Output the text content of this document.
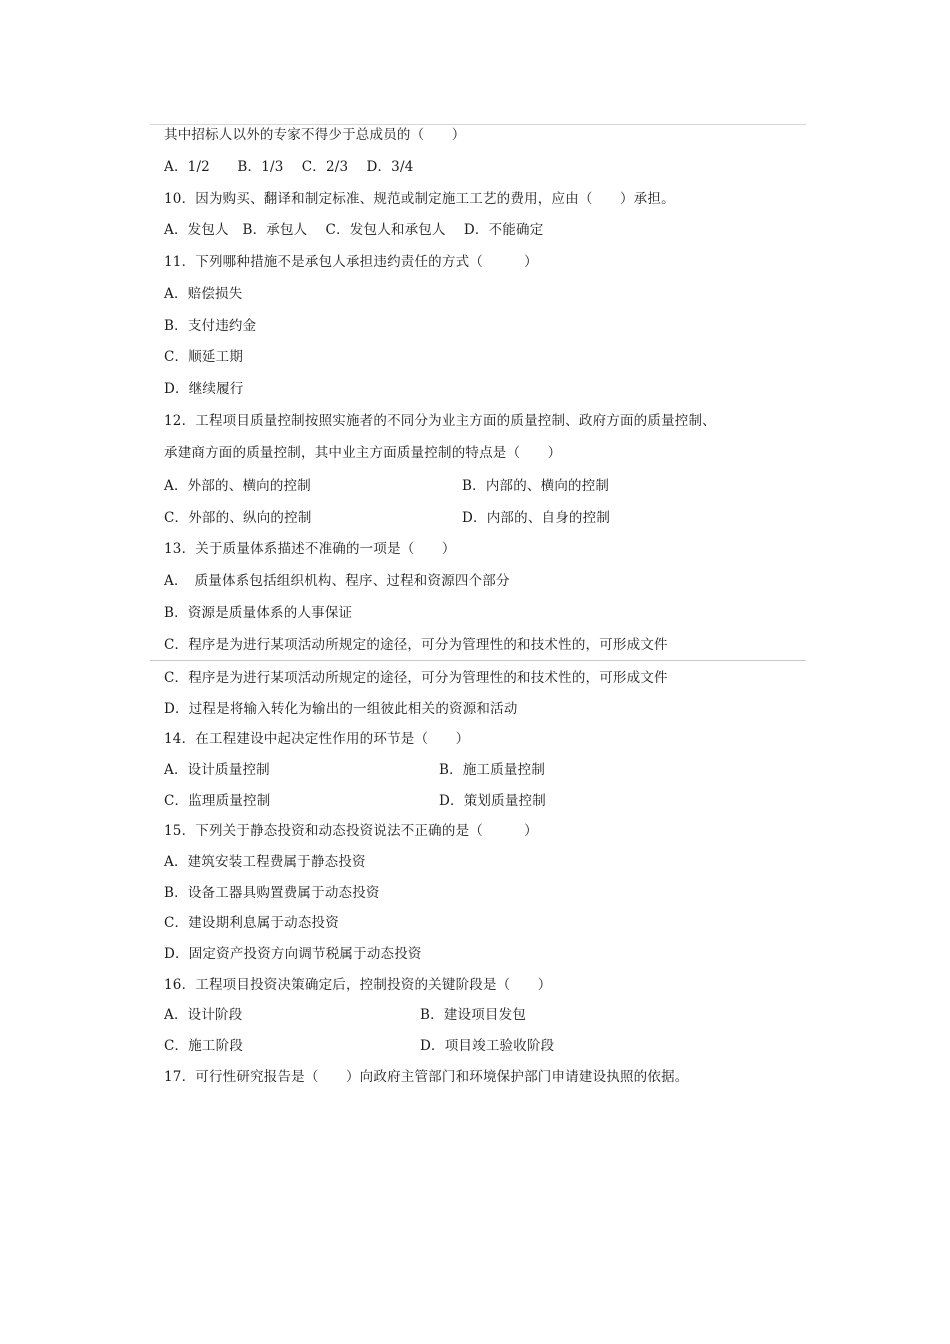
其中招标人以外的专家不得少于总成员的（　　）
A．1/2　　B．1/3　 C．2/3　 D．3/4
10．因为购买、翻译和制定标准、规范或制定施工工艺的费用，应由（　　）承担。
A．发包人　B．承包人　 C．发包人和承包人　 D．不能确定
11．下列哪种措施不是承包人承担违约责任的方式（　　　）
A．赔偿损失
B．支付违约金
C．顺延工期
D．继续履行
12．工程项目质量控制按照实施者的不同分为业主方面的质量控制、政府方面的质量控制、
承建商方面的质量控制，其中业主方面质量控制的特点是（　　）
A．外部的、横向的控制	B．内部的、横向的控制
C．外部的、纵向的控制	D．内部的、自身的控制
13．关于质量体系描述不准确的一项是（　　）
A．　质量体系包括组织机构、程序、过程和资源四个部分
B．资源是质量体系的人事保证
C．程序是为进行某项活动所规定的途径，可分为管理性的和技术性的，可形成文件
C．程序是为进行某项活动所规定的途径，可分为管理性的和技术性的，可形成文件
D．过程是将输入转化为输出的一组彼此相关的资源和活动
14．在工程建设中起决定性作用的环节是（　　）
A．设计质量控制	B．施工质量控制
C．监理质量控制	D．策划质量控制
15．下列关于静态投资和动态投资说法不正确的是（　　　）
A．建筑安装工程费属于静态投资
B．设备工器具购置费属于动态投资
C．建设期利息属于动态投资
D．固定资产投资方向调节税属于动态投资
16．工程项目投资决策确定后，控制投资的关键阶段是（　　）
A．设计阶段	B．建设项目发包
C．施工阶段	D．项目竣工验收阶段
17．可行性研究报告是（　　）向政府主管部门和环境保护部门申请建设执照的依据。
